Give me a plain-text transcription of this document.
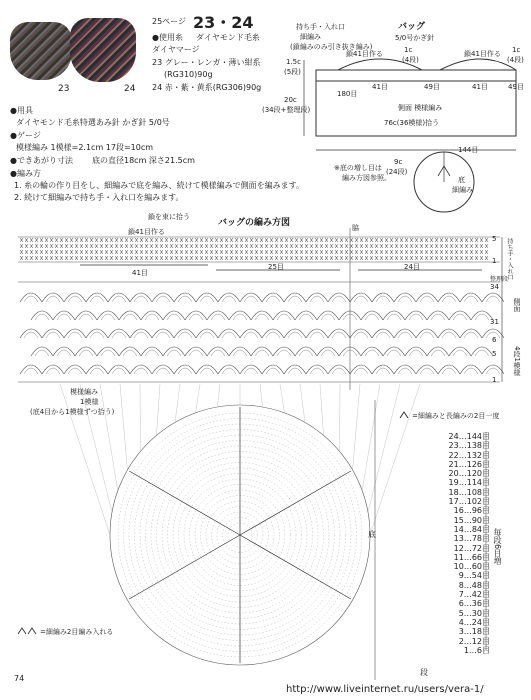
23	24
25ページ 23・24
●使用糸 ダイヤモンド毛糸
ダイヤマージ
23 グレー・レンガ・薄い紺系
(RG310)90g
24 赤・紫・黄系(RG306)90g
●用具
ダイヤモンド毛糸特選あみ針 かぎ針 5/0号
●ゲージ
模様編み 1模様=2.1cm 17段=10cm
●できあがり寸法 底の直径18cm 深さ21.5cm
●編み方
1. 糸の輪の作り目をし、細編みで底を編み、続けて模様編みで側面を編みます。
2. 続けて細編みで持ち手・入れ口を編みます。
バッグ
5/0号かぎ針
持ち手・入れ口
細編み
(鎖編みのみ引き抜き編み)
鎖41目作る	鎖41目作る
1c
(4段)
1c
(4段)
41目	49目	41目	49目
180目
1.5c
(5段)
側面 模様編み
76c(36模様)拾う
20c
(34段+整理段)
※底の増し目は
編み方図参照。
9c
(24段)
144目
底
細編み
バッグの編み方図
鎖を束に拾う
鎖41目作る	脇
41目
25目	24目
5
1
34
31
6
5
1
持ち手・入れ口
整理段
側面
4段1模様
模様編み
1模様
(底4目から1模様ずつ拾う)	=細編みと長編みの2目一度
=細編み2目編み入れる
底	毎段6目増
段
24…144目
23…138目
22…132目
21…126目
20…120目
19…114目
18…108目
17…102目
16…96目
15…90目
14…84目
13…78目
12…72目
11…66目
10…60目
9…54目
8…48目
7…42目
6…36目
5…30目
4…24目
3…18目
2…12目
1…6目
74
http://www.liveinternet.ru/users/vera-1/
